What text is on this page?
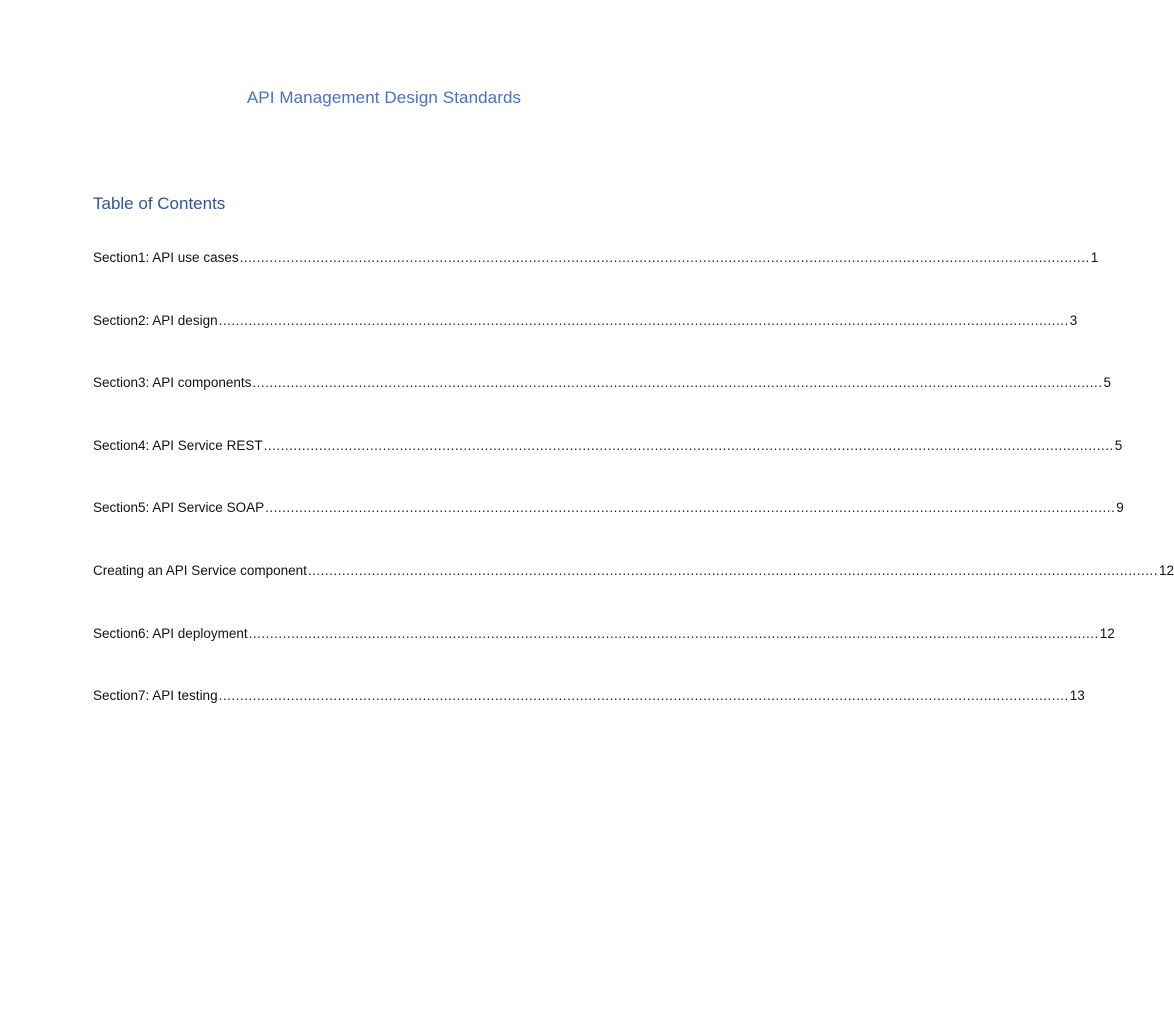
API Management Design Standards
Table of Contents
Section1: API use cases ........................................................................................................................................................................................................ 1
Section2: API design ........................................................................................................................................................................................................ 3
Section3: API components ........................................................................................................................................................................................................ 5
Section4: API Service REST ........................................................................................................................................................................................................ 5
Section5: API Service SOAP ........................................................................................................................................................................................................ 9
Creating an API Service component ........................................................................................................................................................................................................ 12
Section6: API deployment ........................................................................................................................................................................................................ 12
Section7: API testing ........................................................................................................................................................................................................ 13
